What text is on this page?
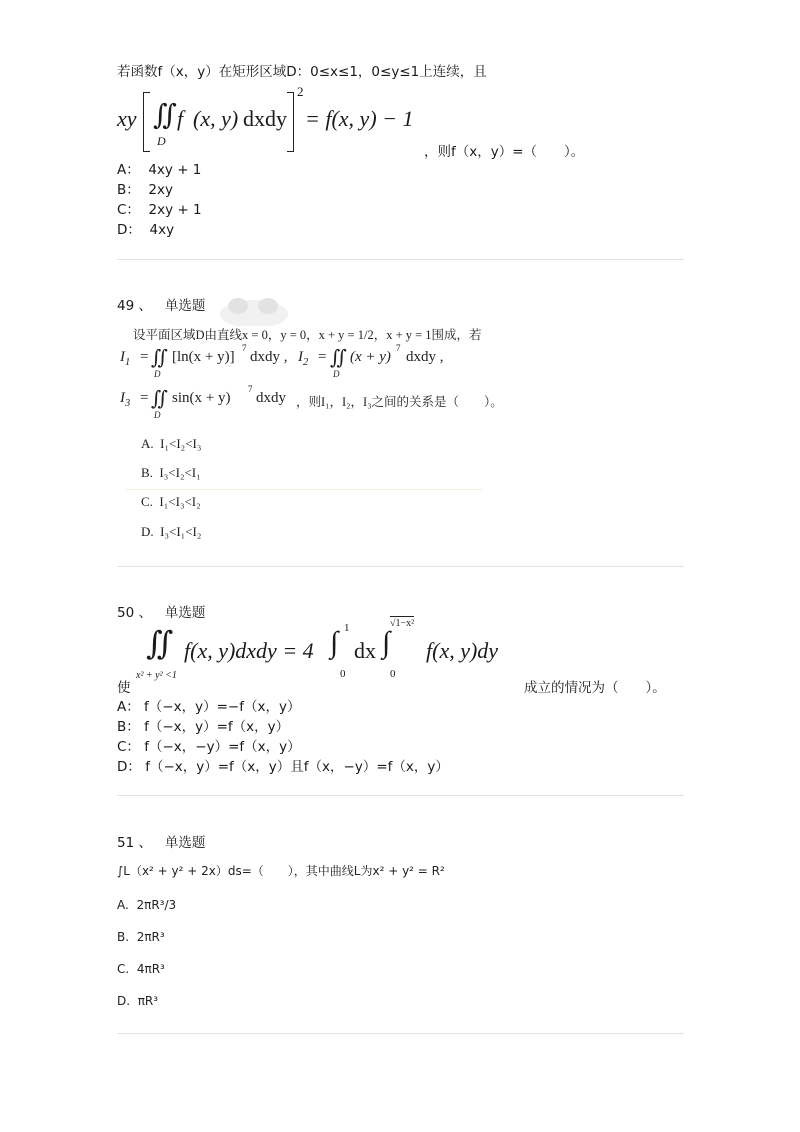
若函数f（x，y）在矩形区域D：0≤x≤1，0≤y≤1上连续，且
xy ∬
D
f (x, y) dxdy
2
= f(x, y) − 1
，则f（x，y）=（　　）。
A： 4xy + 1
B： 2xy
C： 2xy + 1
D： 4xy
49 、 单选题
设平面区域D由直线x = 0，y = 0，x + y = 1/2，x + y = 1围成，若
$I_1$ = ∬
D
[ln(x + y)]
7
dxdy , $I_2$ = ∬
D
(x + y)
7
dxdy ,
$I_3$ = ∬
D
sin(x + y)
7
dxdy ，则I₁，I₂，I₃之间的关系是（　　）。
A. I₁<I₂<I₃
B. I₃<I₂<I₁
C. I₁<I₃<I₂
D. I₃<I₁<I₂
50 、 单选题
使
∬
x² + y² <1
f(x, y)dxdy = 4 ∫ 1
0
dx ∫
√1−x²
0
f(x, y)dy
成立的情况为（　　）。
A： f（−x，y）=−f（x，y）
B： f（−x，y）=f（x，y）
C： f（−x，−y）=f（x，y）
D： f（−x，y）=f（x，y）且f（x，−y）=f（x，y）
51 、 单选题
∫L（x² + y² + 2x）ds=（　　），其中曲线L为x² + y² = R²
A. 2πR³/3
B. 2πR³
C. 4πR³
D. πR³
